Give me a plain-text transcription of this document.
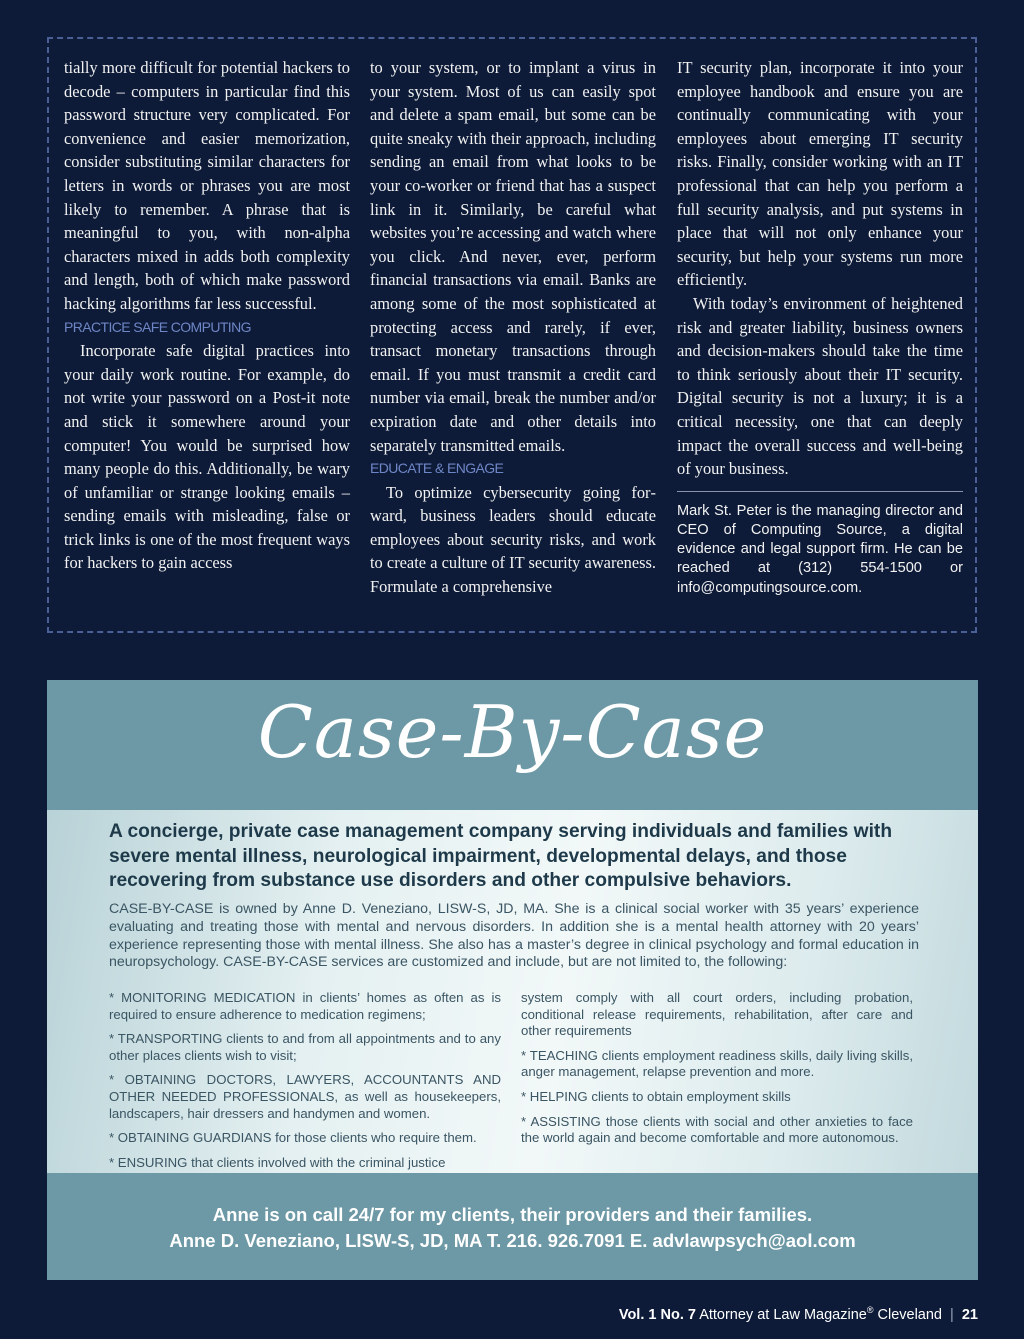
tially more difficult for potential hackers to decode – computers in particular find this password structure very complicated. For convenience and easier memorization, consider substituting similar characters for letters in words or phrases you are most likely to remember. A phrase that is meaningful to you, with non-alpha characters mixed in adds both complexity and length, both of which make password hacking algorithms far less successful.

PRACTICE SAFE COMPUTING

Incorporate safe digital practices into your daily work routine. For example, do not write your password on a Post-it note and stick it somewhere around your computer! You would be surprised how many people do this. Additionally, be wary of unfamiliar or strange looking emails – sending emails with misleading, false or trick links is one of the most frequent ways for hackers to gain access

to your system, or to implant a virus in your system. Most of us can easily spot and delete a spam email, but some can be quite sneaky with their approach, including sending an email from what looks to be your co-worker or friend that has a suspect link in it. Similarly, be careful what websites you’re accessing and watch where you click. And never, ever, perform financial transactions via email. Banks are among some of the most sophisticated at protecting access and rarely, if ever, transact monetary transactions through email. If you must transmit a credit card number via email, break the number and/or expiration date and other details into separately transmitted emails.

EDUCATE & ENGAGE

To optimize cybersecurity going forward, business leaders should educate employees about security risks, and work to create a culture of IT security awareness. Formulate a comprehensive

IT security plan, incorporate it into your employee handbook and ensure you are continually communicating with your employees about emerging IT security risks. Finally, consider working with an IT professional that can help you perform a full security analysis, and put systems in place that will not only enhance your security, but help your systems run more efficiently.

With today’s environment of heightened risk and greater liability, business owners and decision-makers should take the time to think seriously about their IT security. Digital security is not a luxury; it is a critical necessity, one that can deeply impact the overall success and well-being of your business.

Mark St. Peter is the managing director and CEO of Computing Source, a digital evidence and legal support firm. He can be reached at (312) 554-1500 or info@computingsource.com.

Case-By-Case
A concierge, private case management company serving individuals and families with severe mental illness, neurological impairment, developmental delays, and those recovering from substance use disorders and other compulsive behaviors.
CASE-BY-CASE is owned by Anne D. Veneziano, LISW-S, JD, MA. She is a clinical social worker with 35 years’ experience evaluating and treating those with mental and nervous disorders. In addition she is a mental health attorney with 20 years’ experience representing those with mental illness. She also has a master’s degree in clinical psychology and formal education in neuropsychology. CASE-BY-CASE services are customized and include, but are not limited to, the following:
* MONITORING MEDICATION in clients’ homes as often as is required to ensure adherence to medication regimens;
* TRANSPORTING clients to and from all appointments and to any other places clients wish to visit;
* OBTAINING DOCTORS, LAWYERS, ACCOUNTANTS AND OTHER NEEDED PROFESSIONALS, as well as housekeepers, landscapers, hair dressers and handymen and women.
* OBTAINING GUARDIANS for those clients who require them.
* ENSURING that clients involved with the criminal justice
system comply with all court orders, including probation, conditional release requirements, rehabilitation, after care and other requirements
* TEACHING clients employment readiness skills, daily living skills, anger management, relapse prevention and more.
* HELPING clients to obtain employment skills
* ASSISTING those clients with social and other anxieties to face the world again and become comfortable and more autonomous.
Anne is on call 24/7 for my clients, their providers and their families.
Anne D. Veneziano, LISW-S, JD, MA T. 216. 926.7091 E. advlawpsych@aol.com
Vol. 1 No. 7 Attorney at Law Magazine® Cleveland | 21
